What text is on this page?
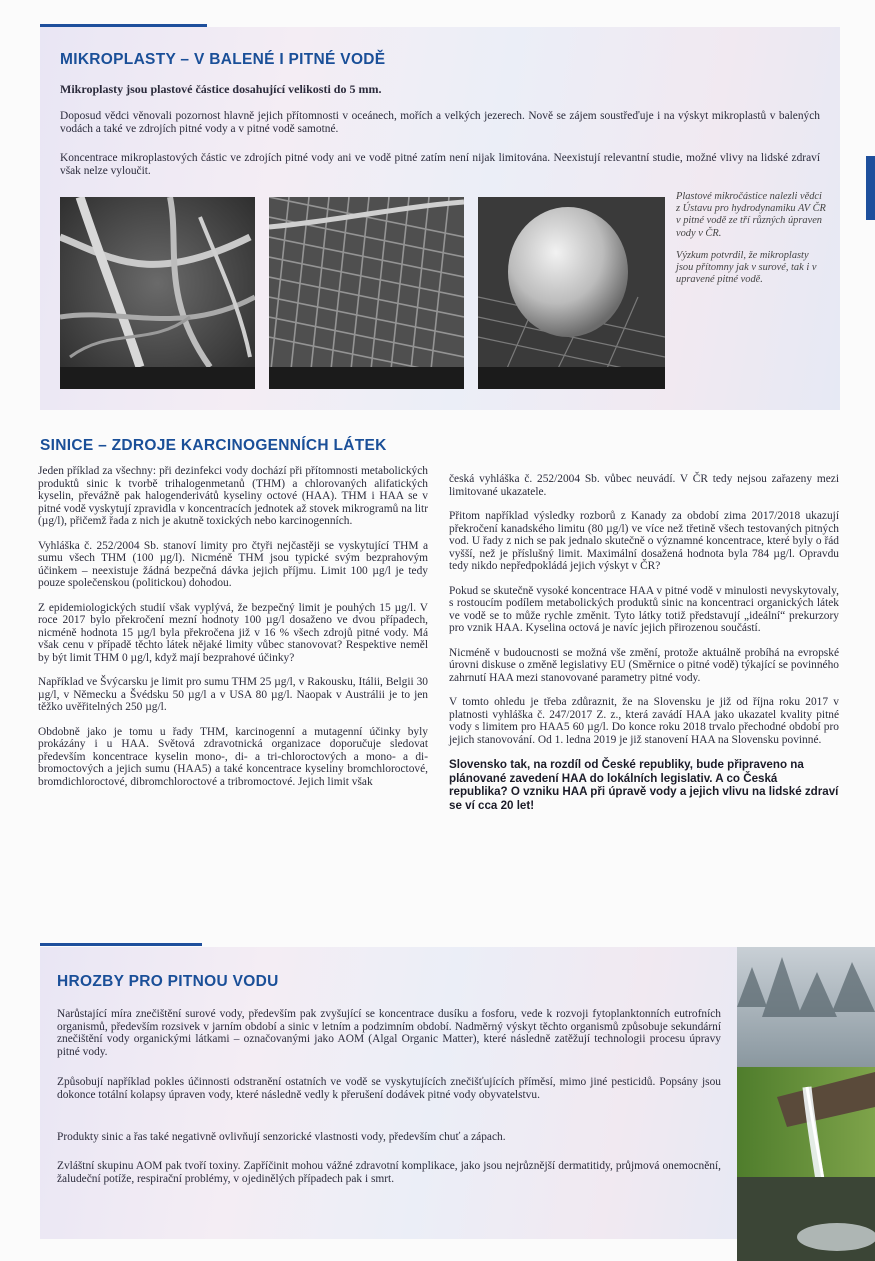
MIKROPLASTY – V BALENÉ I PITNÉ VODĚ

Mikroplasty jsou plastové částice dosahující velikosti do 5 mm.

Doposud vědci věnovali pozornost hlavně jejich přítomnosti v oceánech, mořích a velkých jezerech. Nově se zájem soustřeďuje i na výskyt mikroplastů v balených vodách a také ve zdrojích pitné vody a v pitné vodě samotné.

Koncentrace mikroplastových částic ve zdrojích pitné vody ani ve vodě pitné zatím není nijak limitována. Neexistují relevantní studie, možné vlivy na lidské zdraví však nelze vyloučit.

Plastové mikročástice nalezli vědci z Ústavu pro hydrodynamiku AV ČR v pitné vodě ze tří různých úpraven vody v ČR.

Výzkum potvrdil, že mikroplasty jsou přítomny jak v surové, tak i v upravené pitné vodě.

SINICE – ZDROJE KARCINOGENNÍCH LÁTEK

Jeden příklad za všechny: při dezinfekci vody dochází při přítomnosti metabolických produktů sinic k tvorbě trihalogenmetanů (THM) a chlorovaných alifatických kyselin, převážně pak halogenderivátů kyseliny octové (HAA). THM i HAA se v pitné vodě vyskytují zpravidla v koncentracích jednotek až stovek mikrogramů na litr (µg/l), přičemž řada z nich je akutně toxických nebo karcinogenních.

Vyhláška č. 252/2004 Sb. stanoví limity pro čtyři nejčastěji se vyskytující THM a sumu všech THM (100 µg/l). Nicméně THM jsou typické svým bezprahovým účinkem – neexistuje žádná bezpečná dávka jejich příjmu. Limit 100 µg/l je tedy pouze společenskou (politickou) dohodou.

Z epidemiologických studií však vyplývá, že bezpečný limit je pouhých 15 µg/l. V roce 2017 bylo překročení mezní hodnoty 100 µg/l dosaženo ve dvou případech, nicméně hodnota 15 µg/l byla překročena již v 16 % všech zdrojů pitné vody. Má však cenu v případě těchto látek nějaké limity vůbec stanovovat? Respektive neměl by být limit THM 0 µg/l, když mají bezprahové účinky?

Například ve Švýcarsku je limit pro sumu THM 25 µg/l, v Rakousku, Itálii, Belgii 30 µg/l, v Německu a Švédsku 50 µg/l a v USA 80 µg/l. Naopak v Austrálii je to jen těžko uvěřitelných 250 µg/l.

Obdobně jako je tomu u řady THM, karcinogenní a mutagenní účinky byly prokázány i u HAA. Světová zdravotnická organizace doporučuje sledovat především koncentrace kyselin mono-, di- a tri-chloroctových a mono- a di- bromoctových a jejich sumu (HAA5) a také koncentrace kyseliny bromchloroctové, bromdichloroctové, dibromchloroctové a tribromoctové. Jejich limit však

česká vyhláška č. 252/2004 Sb. vůbec neuvádí. V ČR tedy nejsou zařazeny mezi limitované ukazatele.

Přitom například výsledky rozborů z Kanady za období zima 2017/2018 ukazují překročení kanadského limitu (80 µg/l) ve více než třetině všech testovaných pitných vod. U řady z nich se pak jednalo skutečně o významné koncentrace, které byly o řád vyšší, než je příslušný limit. Maximální dosažená hodnota byla 784 µg/l. Opravdu tedy nikdo nepředpokládá jejich výskyt v ČR?

Pokud se skutečně vysoké koncentrace HAA v pitné vodě v minulosti nevyskytovaly, s rostoucím podílem metabolických produktů sinic na koncentraci organických látek ve vodě se to může rychle změnit. Tyto látky totiž představují „ideální“ prekurzory pro vznik HAA. Kyselina octová je navíc jejich přirozenou součástí.

Nicméně v budoucnosti se možná vše změní, protože aktuálně probíhá na evropské úrovni diskuse o změně legislativy EU (Směrnice o pitné vodě) týkající se povinného zahrnutí HAA mezi stanovované parametry pitné vody.

V tomto ohledu je třeba zdůraznit, že na Slovensku je již od října roku 2017 v platnosti vyhláška č. 247/2017 Z. z., která zavádí HAA jako ukazatel kvality pitné vody s limitem pro HAA5 60 µg/l. Do konce roku 2018 trvalo přechodné období pro jejich stanovování. Od 1. ledna 2019 je již stanovení HAA na Slovensku povinné.

Slovensko tak, na rozdíl od České republiky, bude připraveno na plánované zavedení HAA do lokálních legislativ. A co Česká republika? O vzniku HAA při úpravě vody a jejich vlivu na lidské zdraví se ví cca 20 let!

HROZBY PRO PITNOU VODU

Narůstající míra znečištění surové vody, především pak zvyšující se koncentrace dusíku a fosforu, vede k rozvoji fytoplanktonních eutrofních organismů, především rozsivek v jarním období a sinic v letním a podzimním období. Nadměrný výskyt těchto organismů způsobuje sekundární znečištění vody organickými látkami – označovanými jako AOM (Algal Organic Matter), které následně zatěžují technologii procesu úpravy pitné vody.

Způsobují například pokles účinnosti odstranění ostatních ve vodě se vyskytujících znečišťujících příměsí, mimo jiné pesticidů. Popsány jsou dokonce totální kolapsy úpraven vody, které následně vedly k přerušení dodávek pitné vody obyvatelstvu.

Produkty sinic a řas také negativně ovlivňují senzorické vlastnosti vody, především chuť a zápach.

Zvláštní skupinu AOM pak tvoří toxiny. Zapříčinit mohou vážné zdravotní komplikace, jako jsou nejrůznější dermatitidy, průjmová onemocnění, žaludeční potíže, respirační problémy, v ojedinělých případech pak i smrt.
